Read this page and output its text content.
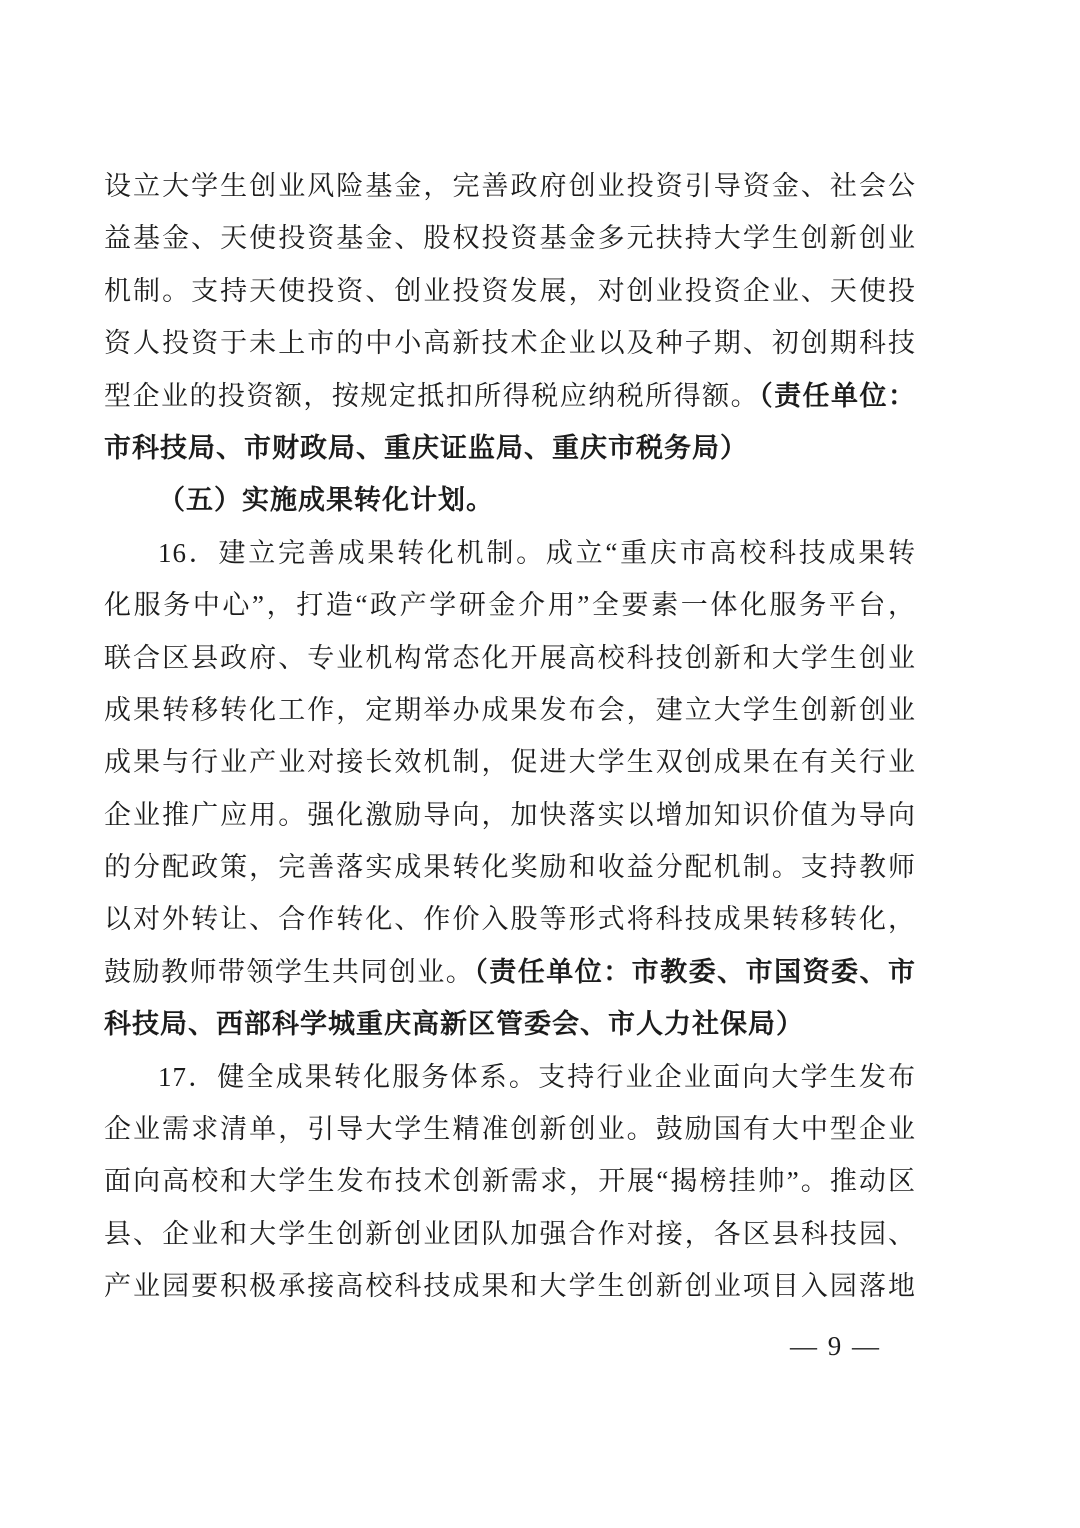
设立大学生创业风险基金，完善政府创业投资引导资金、社会公
益基金、天使投资基金、股权投资基金多元扶持大学生创新创业
机制。支持天使投资、创业投资发展，对创业投资企业、天使投
资人投资于未上市的中小高新技术企业以及种子期、初创期科技
型企业的投资额，按规定抵扣所得税应纳税所得额。（责任单位：
市科技局、市财政局、重庆证监局、重庆市税务局）
（五）实施成果转化计划。
16．建立完善成果转化机制。成立“重庆市高校科技成果转
化服务中心”，打造“政产学研金介用”全要素一体化服务平台，
联合区县政府、专业机构常态化开展高校科技创新和大学生创业
成果转移转化工作，定期举办成果发布会，建立大学生创新创业
成果与行业产业对接长效机制，促进大学生双创成果在有关行业
企业推广应用。强化激励导向，加快落实以增加知识价值为导向
的分配政策，完善落实成果转化奖励和收益分配机制。支持教师
以对外转让、合作转化、作价入股等形式将科技成果转移转化，
鼓励教师带领学生共同创业。（责任单位：市教委、市国资委、市
科技局、西部科学城重庆高新区管委会、市人力社保局）
17．健全成果转化服务体系。支持行业企业面向大学生发布
企业需求清单，引导大学生精准创新创业。鼓励国有大中型企业
面向高校和大学生发布技术创新需求，开展“揭榜挂帅”。推动区
县、企业和大学生创新创业团队加强合作对接，各区县科技园、
产业园要积极承接高校科技成果和大学生创新创业项目入园落地
— 9 —
